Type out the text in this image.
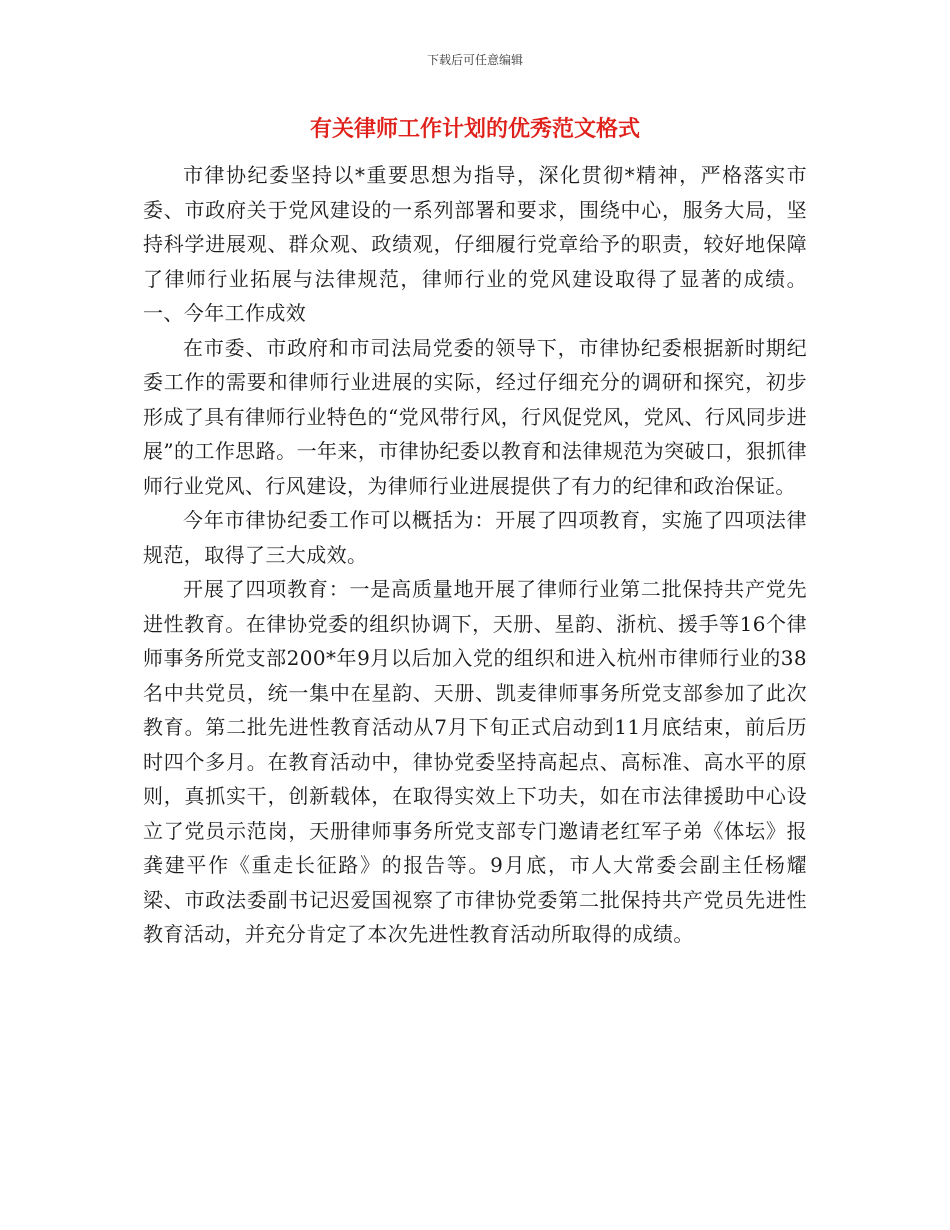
下载后可任意编辑
有关律师工作计划的优秀范文格式

市律协纪委坚持以*重要思想为指导，深化贯彻*精神，严格落实市委、市政府关于党风建设的一系列部署和要求，围绕中心，服务大局，坚持科学进展观、群众观、政绩观，仔细履行党章给予的职责，较好地保障了律师行业拓展与法律规范，律师行业的党风建设取得了显著的成绩。 一、今年工作成效

在市委、市政府和市司法局党委的领导下，市律协纪委根据新时期纪委工作的需要和律师行业进展的实际，经过仔细充分的调研和探究，初步形成了具有律师行业特色的“党风带行风，行风促党风，党风、行风同步进展”的工作思路。一年来，市律协纪委以教育和法律规范为突破口，狠抓律师行业党风、行风建设，为律师行业进展提供了有力的纪律和政治保证。

今年市律协纪委工作可以概括为：开展了四项教育，实施了四项法律规范，取得了三大成效。

开展了四项教育：一是高质量地开展了律师行业第二批保持共产党先进性教育。在律协党委的组织协调下，天册、星韵、浙杭、援手等16个律师事务所党支部200*年9月以后加入党的组织和进入杭州市律师行业的38名中共党员，统一集中在星韵、天册、凯麦律师事务所党支部参加了此次教育。第二批先进性教育活动从7月下旬正式启动到11月底结束，前后历时四个多月。在教育活动中，律协党委坚持高起点、高标准、高水平的原则，真抓实干，创新载体，在取得实效上下功夫，如在市法律援助中心设立了党员示范岗，天册律师事务所党支部专门邀请老红军子弟《体坛》报龚建平作《重走长征路》的报告等。9月底，市人大常委会副主任杨耀梁、市政法委副书记迟爱国视察了市律协党委第二批保持共产党员先进性教育活动，并充分肯定了本次先进性教育活动所取得的成绩。
